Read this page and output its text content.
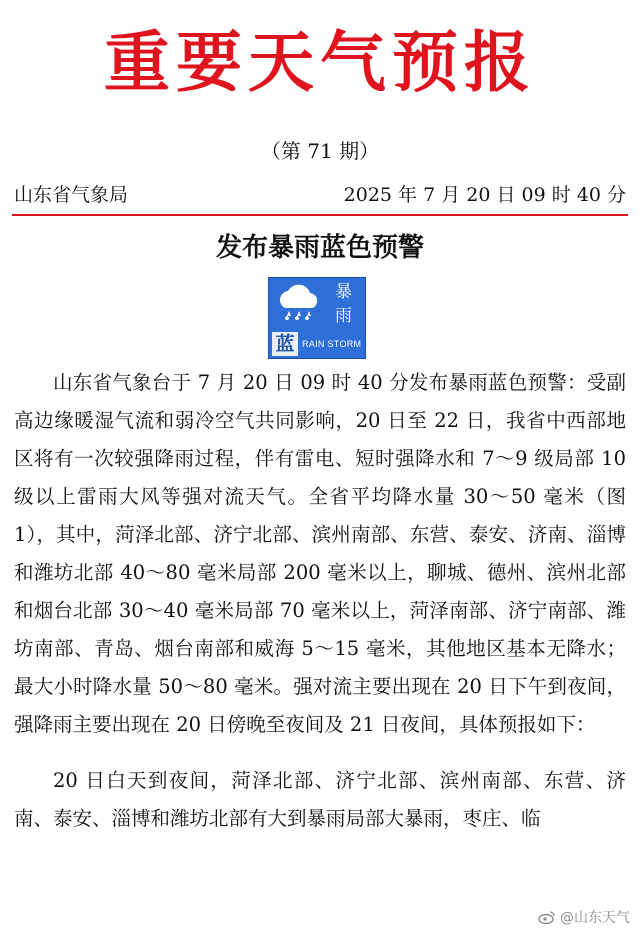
重要天气预报
（第 71 期）
山东省气象局	2025 年 7 月 20 日 09 时 40 分
发布暴雨蓝色预警
暴
雨
蓝 RAIN STORM

山东省气象台于 7 月 20 日 09 时 40 分发布暴雨蓝色预警：受副高边缘暖湿气流和弱冷空气共同影响，20 日至 22 日，我省中西部地区将有一次较强降雨过程，伴有雷电、短时强降水和 7～9 级局部 10 级以上雷雨大风等强对流天气。全省平均降水量 30～50 毫米（图 1），其中，菏泽北部、济宁北部、滨州南部、东营、泰安、济南、淄博和潍坊北部 40～80 毫米局部 200 毫米以上，聊城、德州、滨州北部和烟台北部 30～40 毫米局部 70 毫米以上，菏泽南部、济宁南部、潍坊南部、青岛、烟台南部和威海 5～15 毫米，其他地区基本无降水；最大小时降水量 50～80 毫米。强对流主要出现在 20 日下午到夜间，强降雨主要出现在 20 日傍晚至夜间及 21 日夜间，具体预报如下：

20 日白天到夜间，菏泽北部、济宁北部、滨州南部、东营、济南、泰安、淄博和潍坊北部有大到暴雨局部大暴雨，枣庄、临

@山东天气
